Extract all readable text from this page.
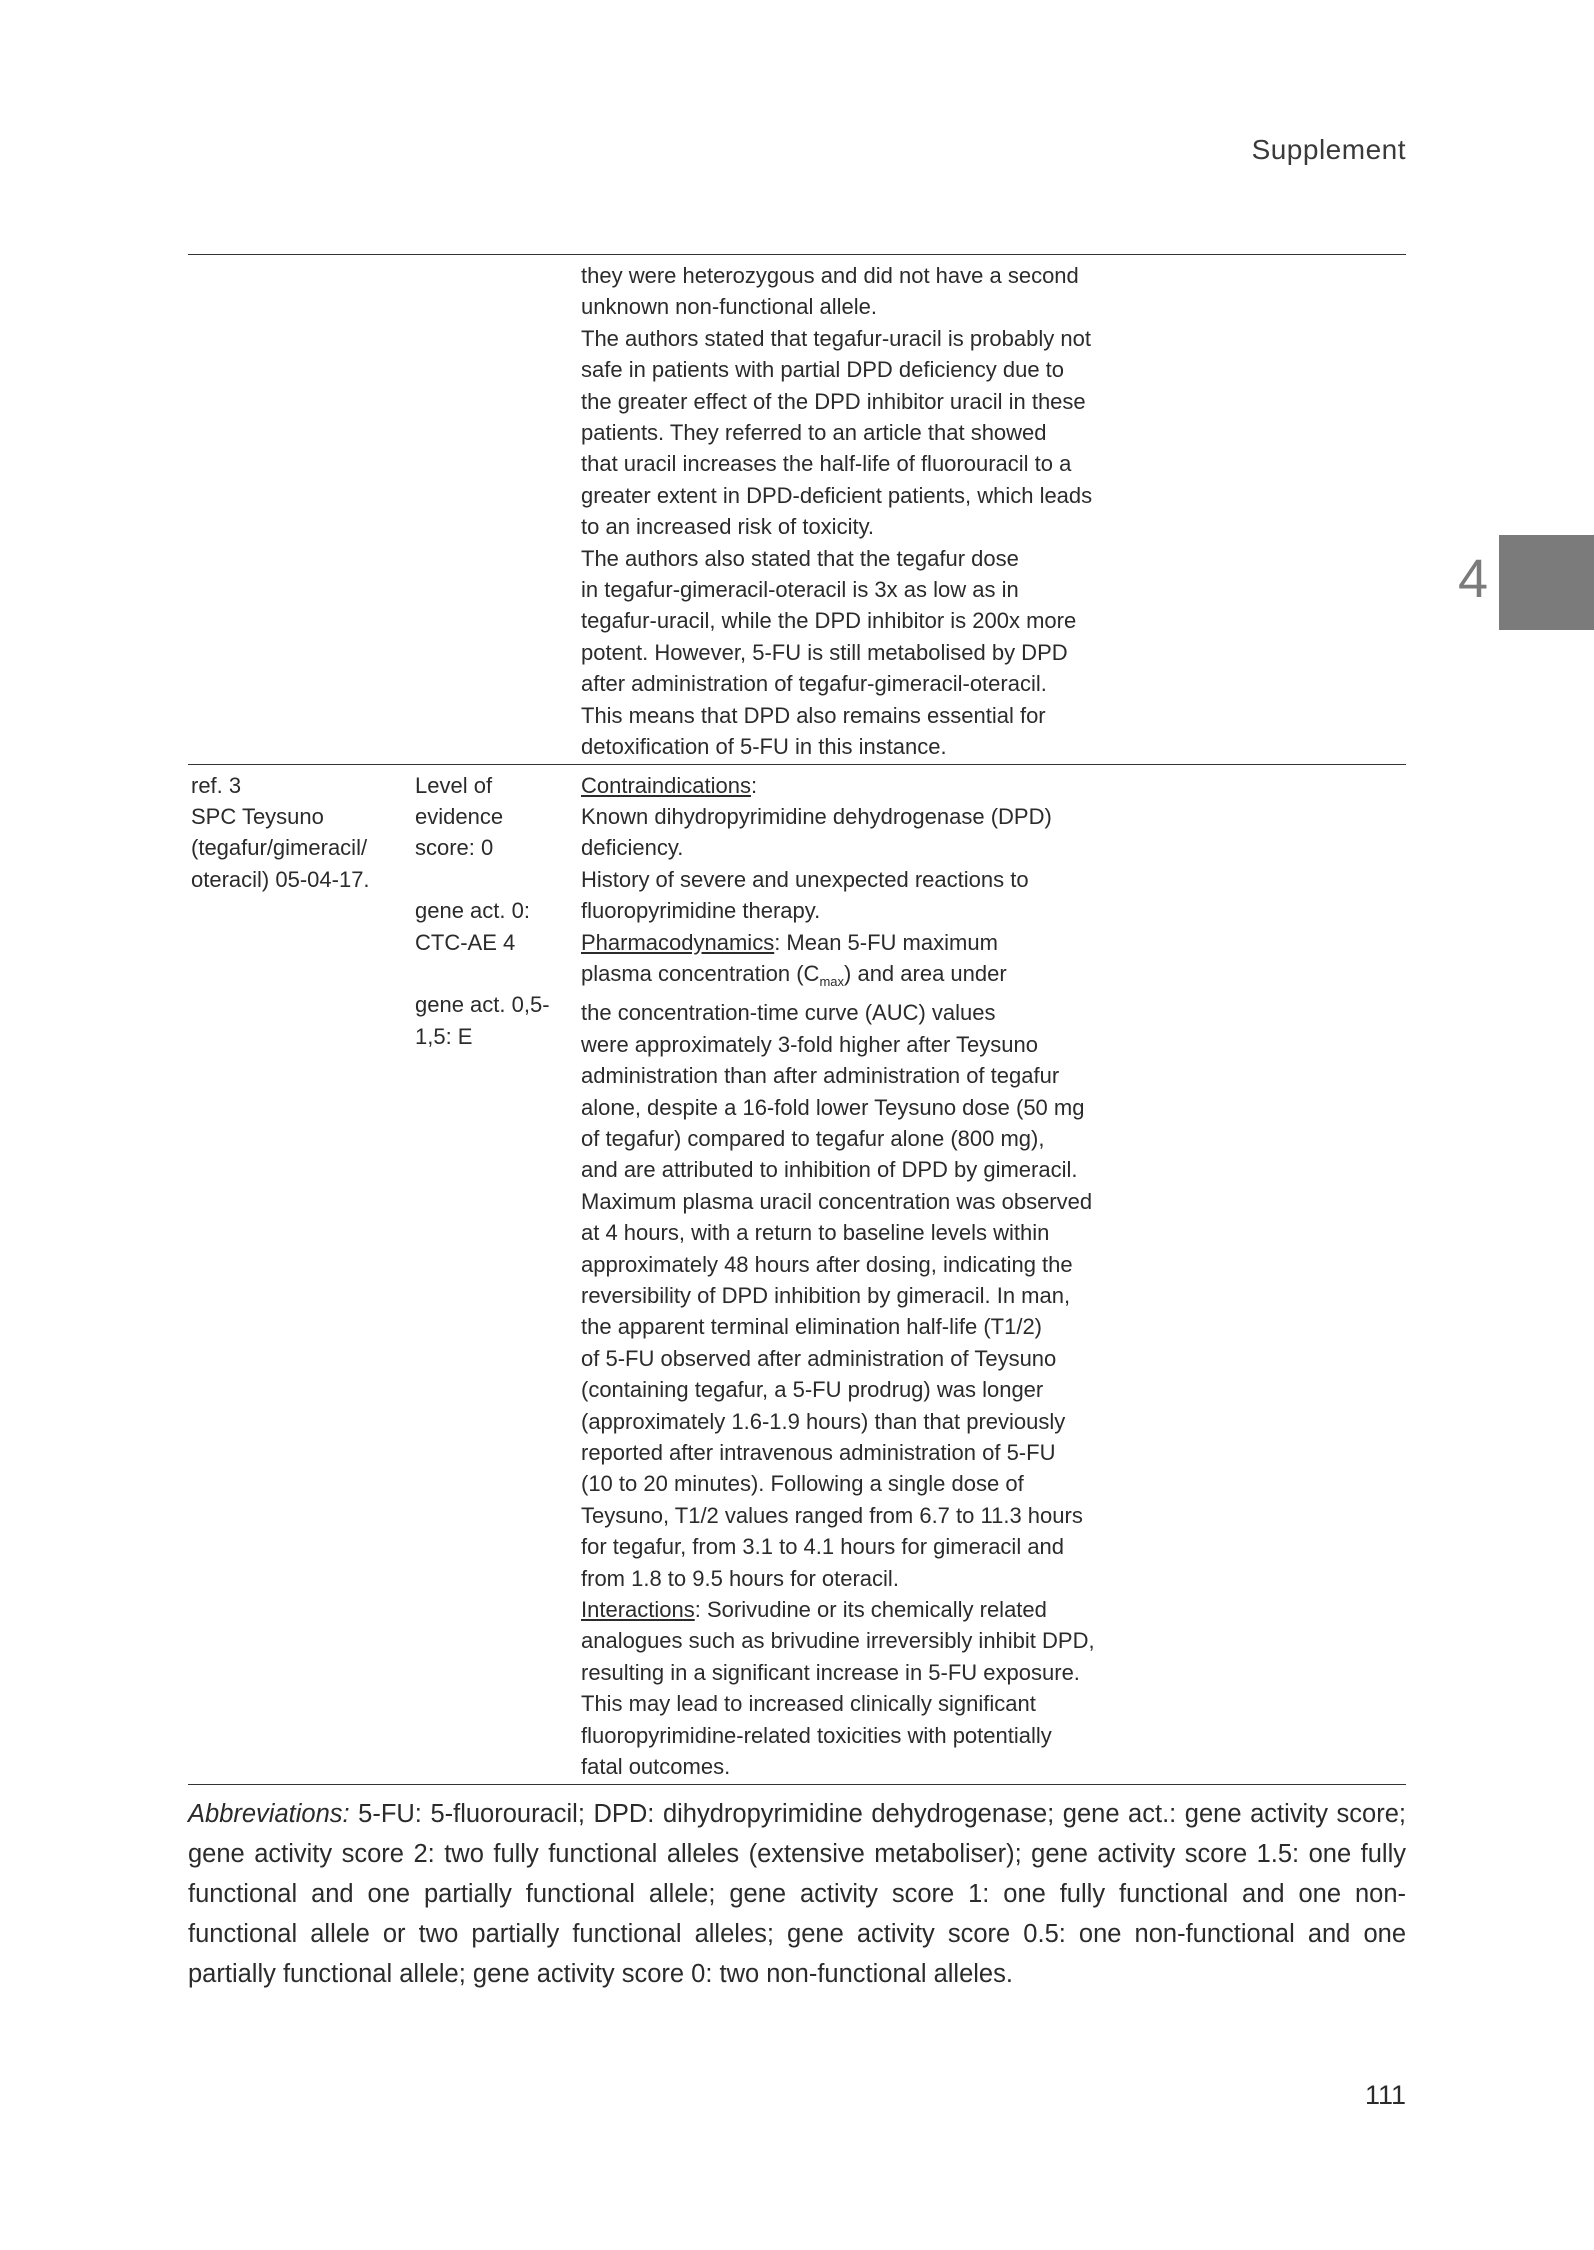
Supplement
4
they were heterozygous and did not have a second
unknown non-functional allele.
The authors stated that tegafur-uracil is probably not
safe in patients with partial DPD deficiency due to
the greater effect of the DPD inhibitor uracil in these
patients. They referred to an article that showed
that uracil increases the half-life of fluorouracil to a
greater extent in DPD-deficient patients, which leads
to an increased risk of toxicity.
The authors also stated that the tegafur dose
in tegafur-gimeracil-oteracil is 3x as low as in
tegafur-uracil, while the DPD inhibitor is 200x more
potent. However, 5-FU is still metabolised by DPD
after administration of tegafur-gimeracil-oteracil.
This means that DPD also remains essential for
detoxification of 5-FU in this instance.
ref. 3
SPC Teysuno
(tegafur/gimeracil/
oteracil) 05-04-17.
Level of
evidence
score: 0
gene act. 0:
CTC-AE 4
gene act. 0,5-
1,5: E
Contraindications:
Known dihydropyrimidine dehydrogenase (DPD)
deficiency.
History of severe and unexpected reactions to
fluoropyrimidine therapy.
Pharmacodynamics: Mean 5-FU maximum
plasma concentration $(C_{max})$ and area under
the concentration-time curve (AUC) values
were approximately 3-fold higher after Teysuno
administration than after administration of tegafur
alone, despite a 16-fold lower Teysuno dose (50 mg
of tegafur) compared to tegafur alone (800 mg),
and are attributed to inhibition of DPD by gimeracil.
Maximum plasma uracil concentration was observed
at 4 hours, with a return to baseline levels within
approximately 48 hours after dosing, indicating the
reversibility of DPD inhibition by gimeracil. In man,
the apparent terminal elimination half-life (T1/2)
of 5-FU observed after administration of Teysuno
(containing tegafur, a 5-FU prodrug) was longer
(approximately 1.6-1.9 hours) than that previously
reported after intravenous administration of 5-FU
(10 to 20 minutes). Following a single dose of
Teysuno, T1/2 values ranged from 6.7 to 11.3 hours
for tegafur, from 3.1 to 4.1 hours for gimeracil and
from 1.8 to 9.5 hours for oteracil.
Interactions: Sorivudine or its chemically related
analogues such as brivudine irreversibly inhibit DPD,
resulting in a significant increase in 5-FU exposure.
This may lead to increased clinically significant
fluoropyrimidine-related toxicities with potentially
fatal outcomes.
Abbreviations: 5-FU: 5-fluorouracil; DPD: dihydropyrimidine dehydrogenase; gene act.: gene activity score; gene activity score 2: two fully functional alleles (extensive metaboliser); gene activity score 1.5: one fully functional and one partially functional allele; gene activity score 1: one fully functional and one non-functional allele or two partially functional alleles; gene activity score 0.5: one non-functional and one partially functional allele; gene activity score 0: two non-functional alleles.
111
